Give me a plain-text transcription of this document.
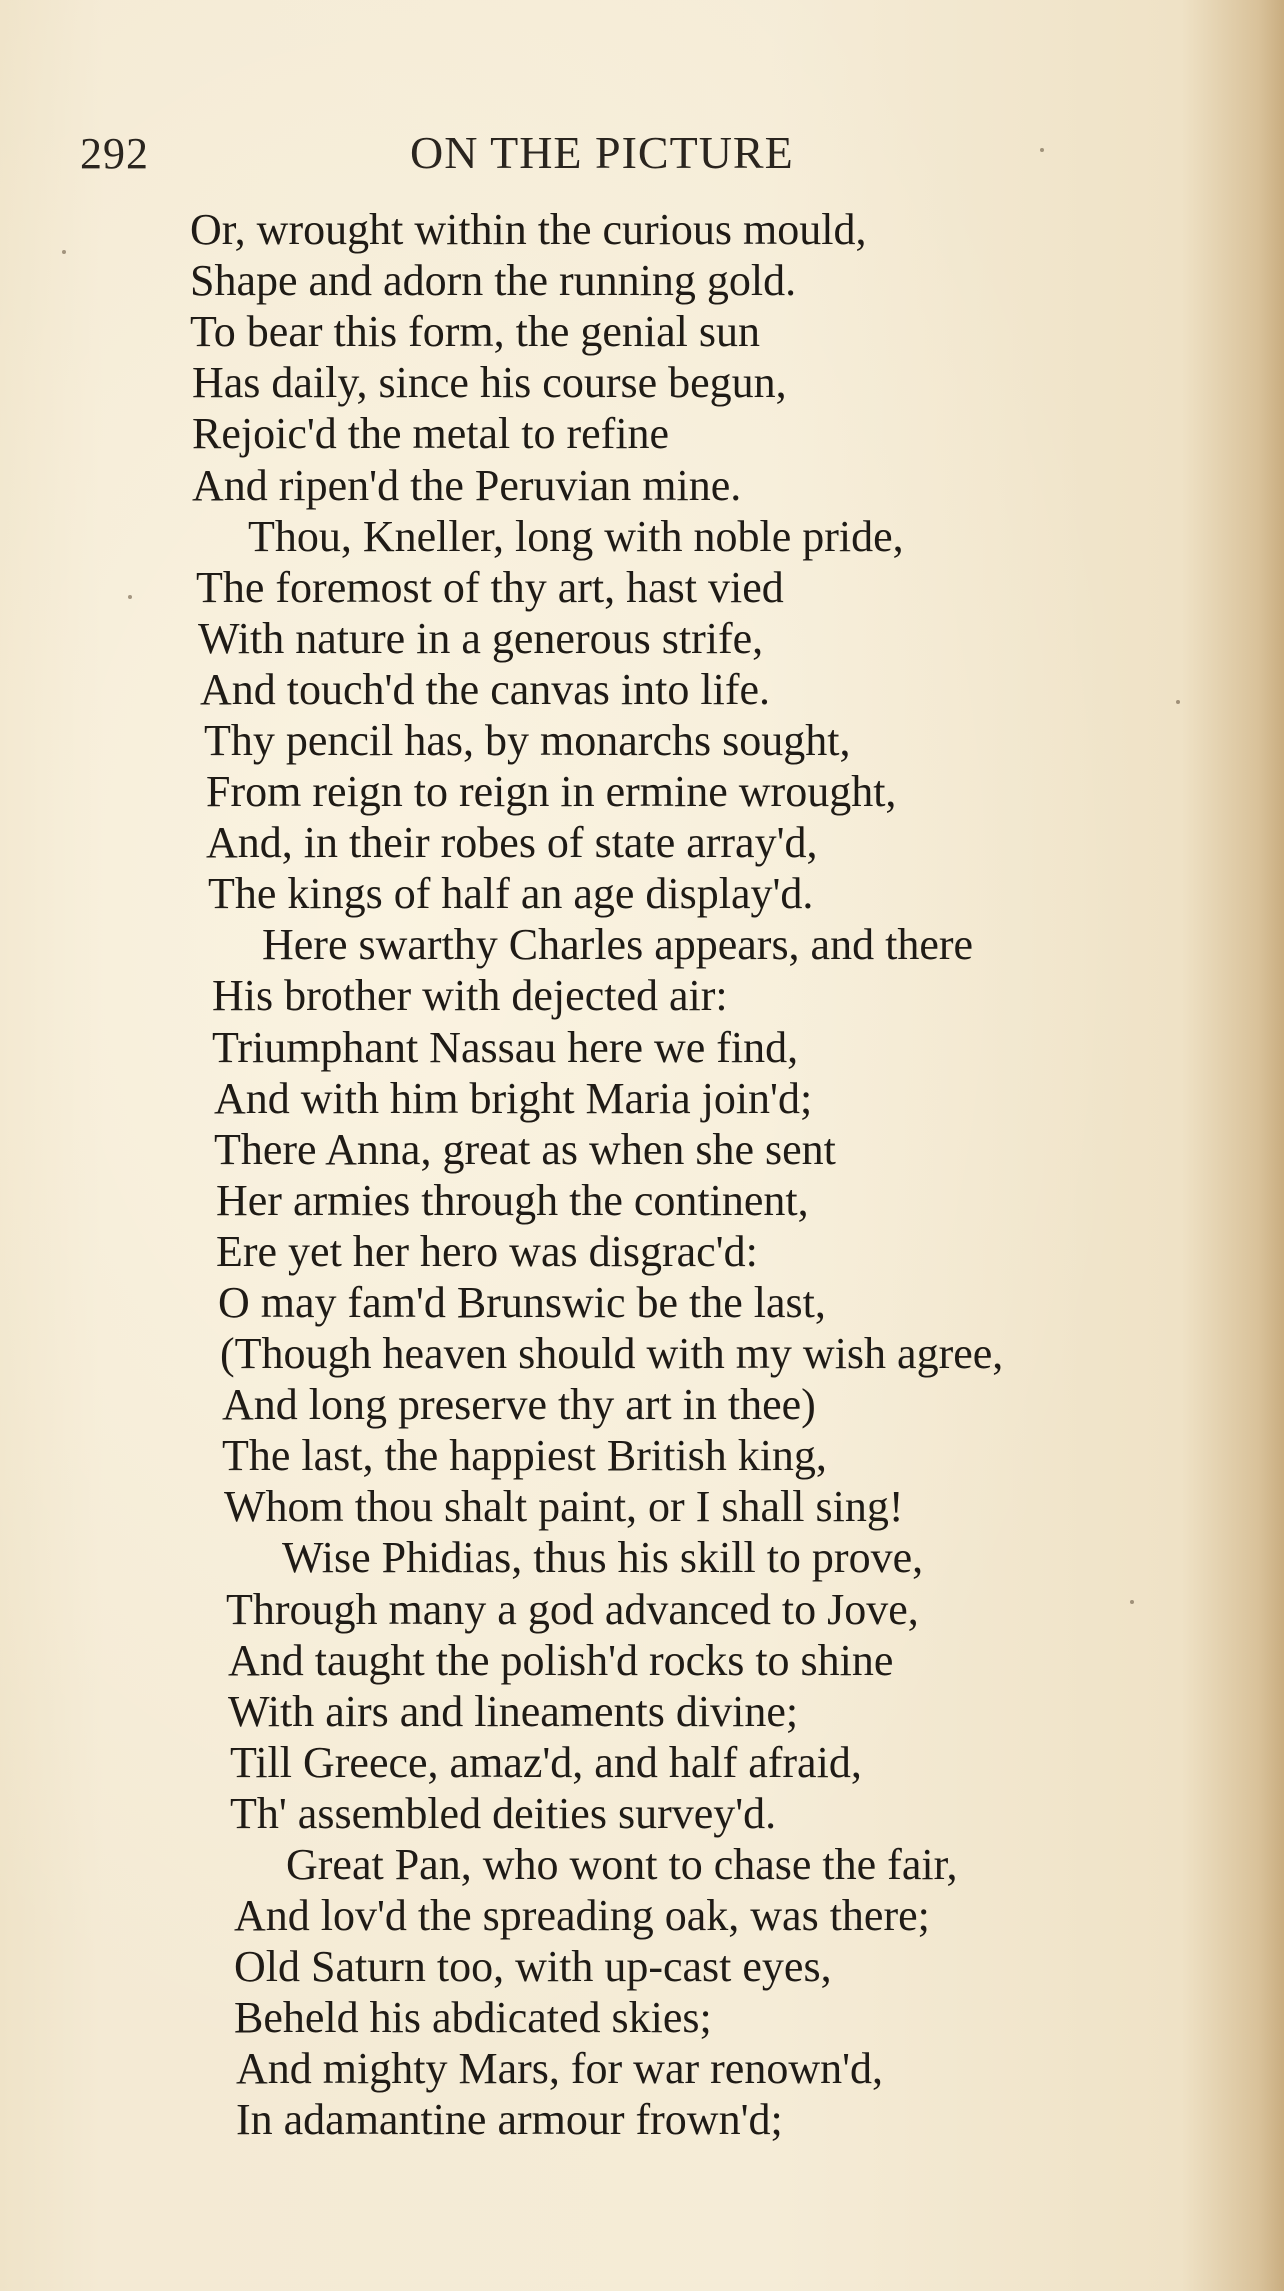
292	ON THE PICTURE
Or, wrought within the curious mould,
Shape and adorn the running gold.
To bear this form, the genial sun
Has daily, since his course begun,
Rejoic'd the metal to refine
And ripen'd the Peruvian mine.
Thou, Kneller, long with noble pride,
The foremost of thy art, hast vied
With nature in a generous strife,
And touch'd the canvas into life.
Thy pencil has, by monarchs sought,
From reign to reign in ermine wrought,
And, in their robes of state array'd,
The kings of half an age display'd.
Here swarthy Charles appears, and there
His brother with dejected air:
Triumphant Nassau here we find,
And with him bright Maria join'd;
There Anna, great as when she sent
Her armies through the continent,
Ere yet her hero was disgrac'd:
O may fam'd Brunswic be the last,
(Though heaven should with my wish agree,
And long preserve thy art in thee)
The last, the happiest British king,
Whom thou shalt paint, or I shall sing!
Wise Phidias, thus his skill to prove,
Through many a god advanced to Jove,
And taught the polish'd rocks to shine
With airs and lineaments divine;
Till Greece, amaz'd, and half afraid,
Th' assembled deities survey'd.
Great Pan, who wont to chase the fair,
And lov'd the spreading oak, was there;
Old Saturn too, with up-cast eyes,
Beheld his abdicated skies;
And mighty Mars, for war renown'd,
In adamantine armour frown'd;
